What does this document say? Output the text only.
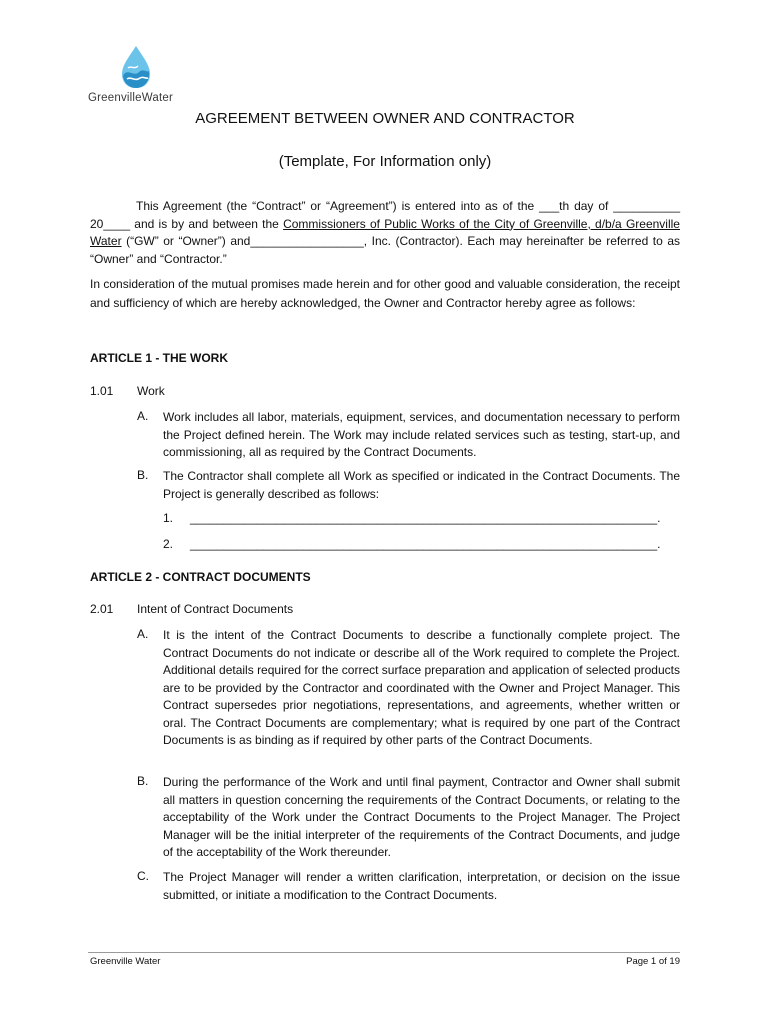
GreenvilleWater
AGREEMENT BETWEEN OWNER AND CONTRACTOR
(Template, For Information only)
This Agreement (the “Contract” or “Agreement”) is entered into as of the ___th day of __________ 20____ and is by and between the Commissioners of Public Works of the City of Greenville, d/b/a Greenville Water (“GW” or “Owner”) and_________________, Inc. (Contractor). Each may hereinafter be referred to as “Owner” and “Contractor.”
In consideration of the mutual promises made herein and for other good and valuable consideration, the receipt and sufficiency of which are hereby acknowledged, the Owner and Contractor hereby agree as follows:
ARTICLE 1 - THE WORK
1.01 Work
A. Work includes all labor, materials, equipment, services, and documentation necessary to perform the Project defined herein. The Work may include related services such as testing, start-up, and commissioning, all as required by the Contract Documents.
B. The Contractor shall complete all Work as specified or indicated in the Contract Documents. The Project is generally described as follows:
1. ______________________________________________________________________.
2. ______________________________________________________________________.
ARTICLE 2 - CONTRACT DOCUMENTS
2.01 Intent of Contract Documents
A. It is the intent of the Contract Documents to describe a functionally complete project. The Contract Documents do not indicate or describe all of the Work required to complete the Project. Additional details required for the correct surface preparation and application of selected products are to be provided by the Contractor and coordinated with the Owner and Project Manager. This Contract supersedes prior negotiations, representations, and agreements, whether written or oral. The Contract Documents are complementary; what is required by one part of the Contract Documents is as binding as if required by other parts of the Contract Documents.
B. During the performance of the Work and until final payment, Contractor and Owner shall submit all matters in question concerning the requirements of the Contract Documents, or relating to the acceptability of the Work under the Contract Documents to the Project Manager. The Project Manager will be the initial interpreter of the requirements of the Contract Documents, and judge of the acceptability of the Work thereunder.
C. The Project Manager will render a written clarification, interpretation, or decision on the issue submitted, or initiate a modification to the Contract Documents.
Greenville Water	Page 1 of 19
